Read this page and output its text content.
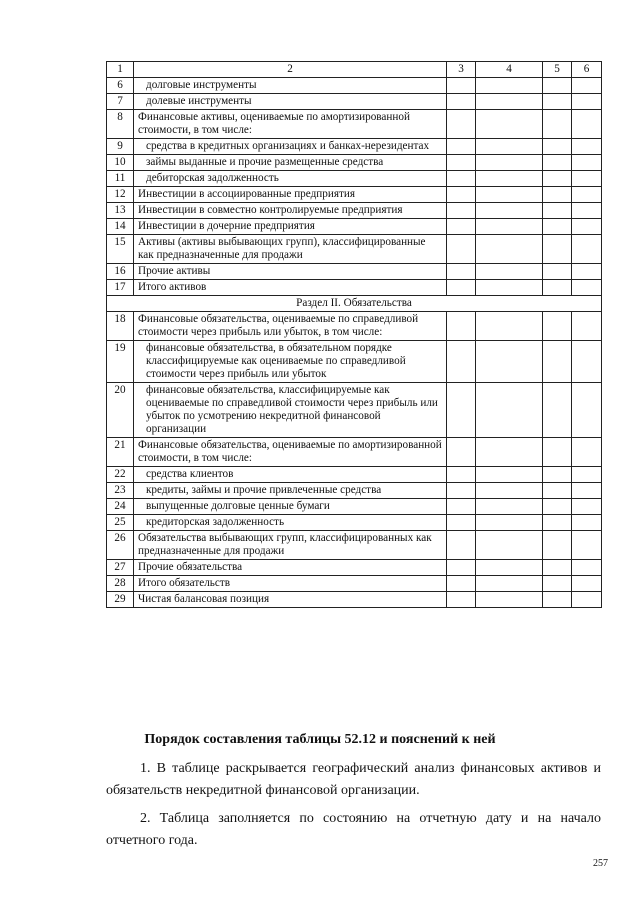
1	2	3	4	5	6
6	долговые инструменты				
7	долевые инструменты				
8	Финансовые активы, оцениваемые по амортизированной стоимости, в том числе:				
9	средства в кредитных организациях и банках-нерезидентах				
10	займы выданные и прочие размещенные средства				
11	дебиторская задолженность				
12	Инвестиции в ассоциированные предприятия				
13	Инвестиции в совместно контролируемые предприятия				
14	Инвестиции в дочерние предприятия				
15	Активы (активы выбывающих групп), классифицированные как предназначенные для продажи				
16	Прочие активы				
17	Итого активов				
Раздел II. Обязательства					
18	Финансовые обязательства, оцениваемые по справедливой стоимости через прибыль или убыток, в том числе:				
19	финансовые обязательства, в обязательном порядке классифицируемые как оцениваемые по справедливой стоимости через прибыль или убыток				
20	финансовые обязательства, классифицируемые как оцениваемые по справедливой стоимости через прибыль или убыток по усмотрению некредитной финансовой организации				
21	Финансовые обязательства, оцениваемые по амортизированной стоимости, в том числе:				
22	средства клиентов				
23	кредиты, займы и прочие привлеченные средства				
24	выпущенные долговые ценные бумаги				
25	кредиторская задолженность				
26	Обязательства выбывающих групп, классифицированных как предназначенные для продажи				
27	Прочие обязательства				
28	Итого обязательств				
29	Чистая балансовая позиция				
Порядок составления таблицы 52.12 и пояснений к ней

1. В таблице раскрывается географический анализ финансовых активов и обязательств некредитной финансовой организации.

2. Таблица заполняется по состоянию на отчетную дату и на начало отчетного года.

257
